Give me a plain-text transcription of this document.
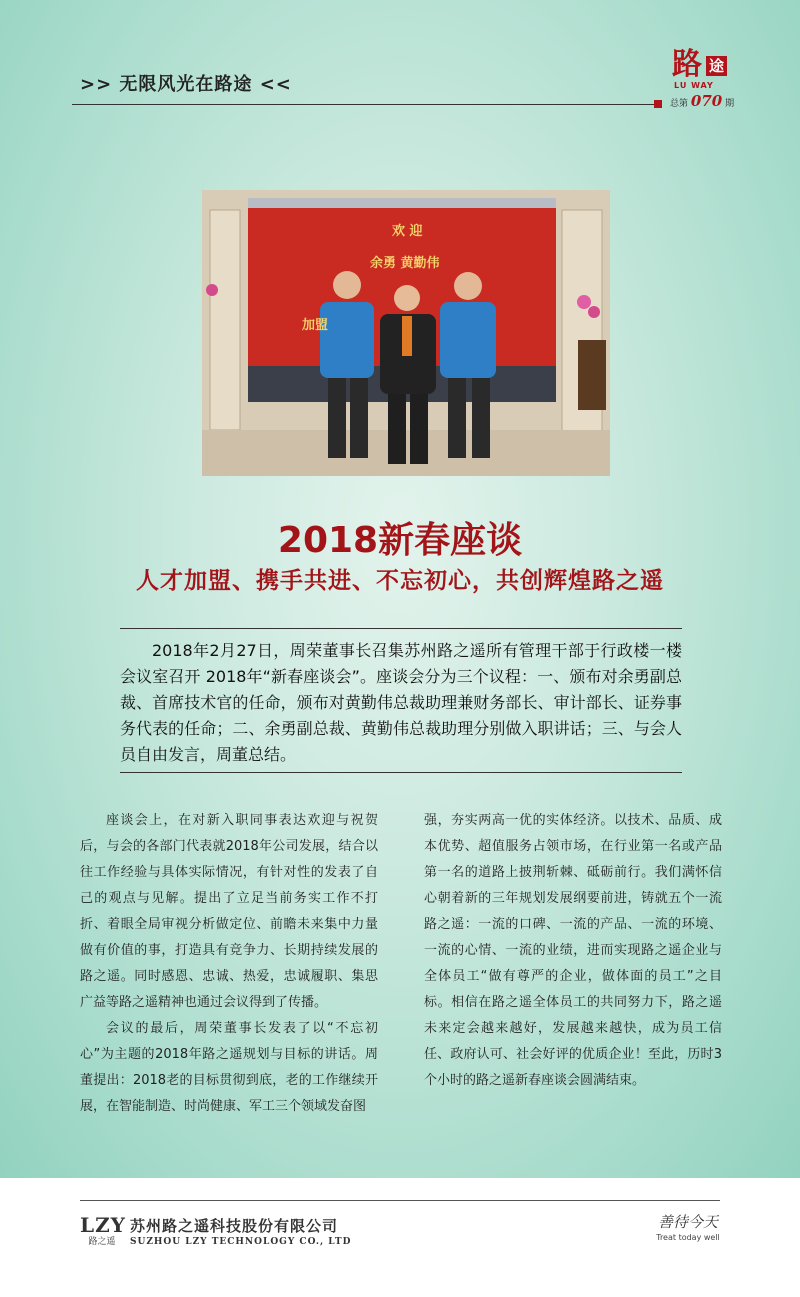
>> 无限风光在路途 <<
路 途
LU WAY
总第 070 期
欢 迎
余勇 黄勤伟
加盟
2018新春座谈
人才加盟、携手共进、不忘初心，共创辉煌路之遥

2018年2月27日，周荣董事长召集苏州路之遥所有管理干部于行政楼一楼会议室召开 2018年“新春座谈会”。座谈会分为三个议程：一、颁布对余勇副总裁、首席技术官的任命，颁布对黄勤伟总裁助理兼财务部长、审计部长、证券事务代表的任命；二、余勇副总裁、黄勤伟总裁助理分别做入职讲话；三、与会人员自由发言，周董总结。

座谈会上，在对新入职同事表达欢迎与祝贺后，与会的各部门代表就2018年公司发展，结合以往工作经验与具体实际情况，有针对性的发表了自己的观点与见解。提出了立足当前务实工作不打折、着眼全局审视分析做定位、前瞻未来集中力量做有价值的事，打造具有竞争力、长期持续发展的路之遥。同时感恩、忠诚、热爱，忠诚履职、集思广益等路之遥精神也通过会议得到了传播。

会议的最后，周荣董事长发表了以“不忘初心”为主题的2018年路之遥规划与目标的讲话。周董提出：2018老的目标贯彻到底，老的工作继续开展，在智能制造、时尚健康、军工三个领域发奋图

强，夯实两高一优的实体经济。以技术、品质、成本优势、超值服务占领市场，在行业第一名或产品第一名的道路上披荆斩棘、砥砺前行。我们满怀信心朝着新的三年规划发展纲要前进，铸就五个一流路之遥：一流的口碑、一流的产品、一流的环境、一流的心情、一流的业绩，进而实现路之遥企业与全体员工“做有尊严的企业，做体面的员工”之目标。相信在路之遥全体员工的共同努力下，路之遥未来定会越来越好，发展越来越快，成为员工信任、政府认可、社会好评的优质企业！至此，历时3个小时的路之遥新春座谈会圆满结束。

LZY
路之遥
苏州路之遥科技股份有限公司
SUZHOU LZY TECHNOLOGY CO., LTD
善待今天
Treat today well
